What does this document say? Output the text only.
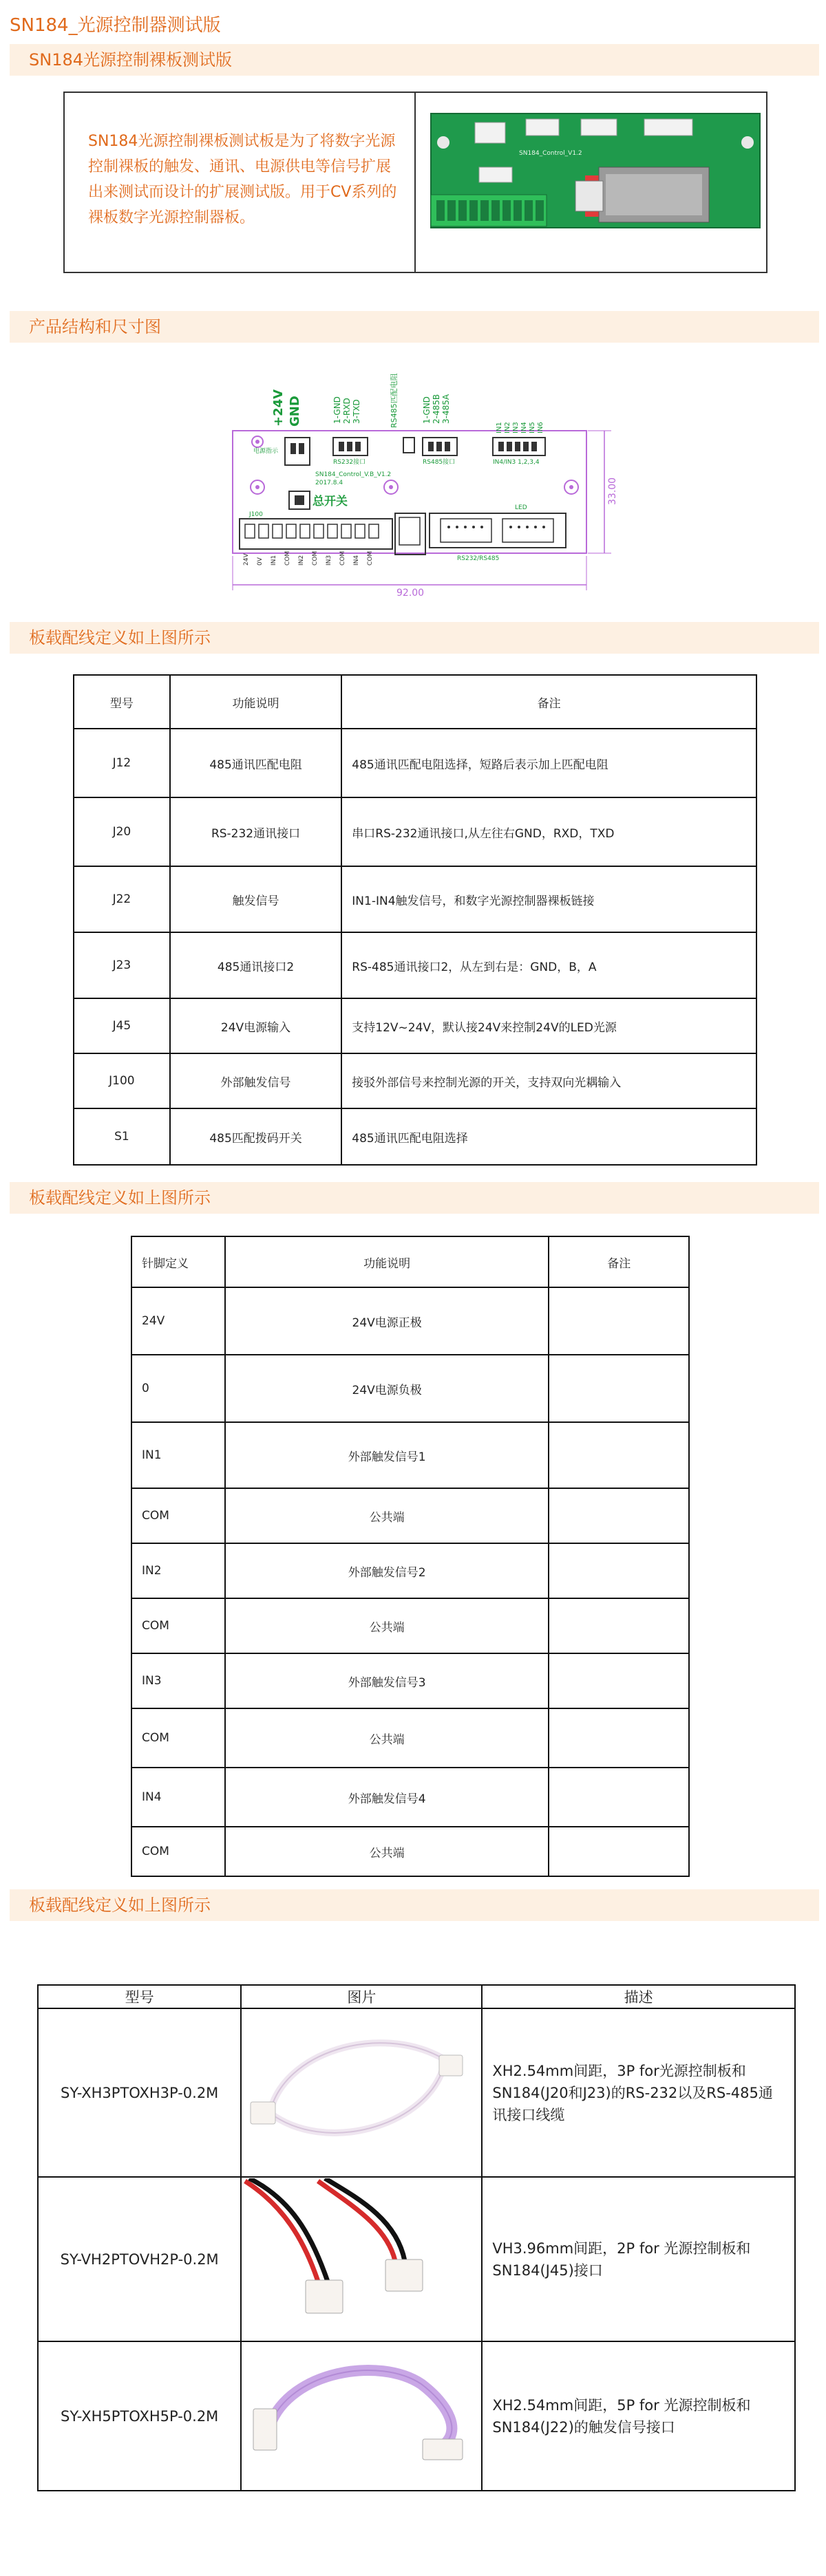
SN184_光源控制器测试版
SN184光源控制裸板测试版
SN184光源控制裸板测试板是为了将数字光源控制裸板的触发、通讯、电源供电等信号扩展出来测试而设计的扩展测试版。用于CV系列的裸板数字光源控制器板。
SN184_Control_V1.2
产品结构和尺寸图
+24V GND	1-GND 2-RXD 3-TXD	RS485匹配电阻	1-GND 2-485B 3-485A
IN1 IN2 IN3 IN4 IN5 IN6
电源指示
RS232接口
SN184_Control_V.B_V1.2
2017.8.4
RS485接口	IN4/IN3 1,2,3,4
RS232/RS485
J100
LED
总开关
24V 0V IN1 COM IN2 COM IN3 COM IN4 COM
92.00
33.00
板载配线定义如上图所示
型号	功能说明	备注
J12	485通讯匹配电阻	485通讯匹配电阻选择，短路后表示加上匹配电阻
J20	RS-232通讯接口	串口RS-232通讯接口,从左往右GND，RXD，TXD
J22	触发信号	IN1-IN4触发信号，和数字光源控制器裸板链接
J23	485通讯接口2	RS-485通讯接口2，从左到右是：GND，B，A
J45	24V电源输入	支持12V~24V，默认接24V来控制24V的LED光源
J100	外部触发信号	接驳外部信号来控制光源的开关，支持双向光耦输入
S1	485匹配拨码开关	485通讯匹配电阻选择
板载配线定义如上图所示
针脚定义	功能说明	备注
24V	24V电源正极	
0	24V电源负极	
IN1	外部触发信号1	
COM	公共端	
IN2	外部触发信号2	
COM	公共端	
IN3	外部触发信号3	
COM	公共端	
IN4	外部触发信号4	
COM	公共端	
板载配线定义如上图所示
型号	图片	描述
SY-XH3PTOXH3P-0.2M		XH2.54mm间距，3P for光源控制板和SN184(J20和J23)的RS-232以及RS-485通讯接口线缆
SY-VH2PTOVH2P-0.2M		VH3.96mm间距，2P for 光源控制板和SN184(J45)接口
SY-XH5PTOXH5P-0.2M		XH2.54mm间距，5P for 光源控制板和SN184(J22)的触发信号接口
